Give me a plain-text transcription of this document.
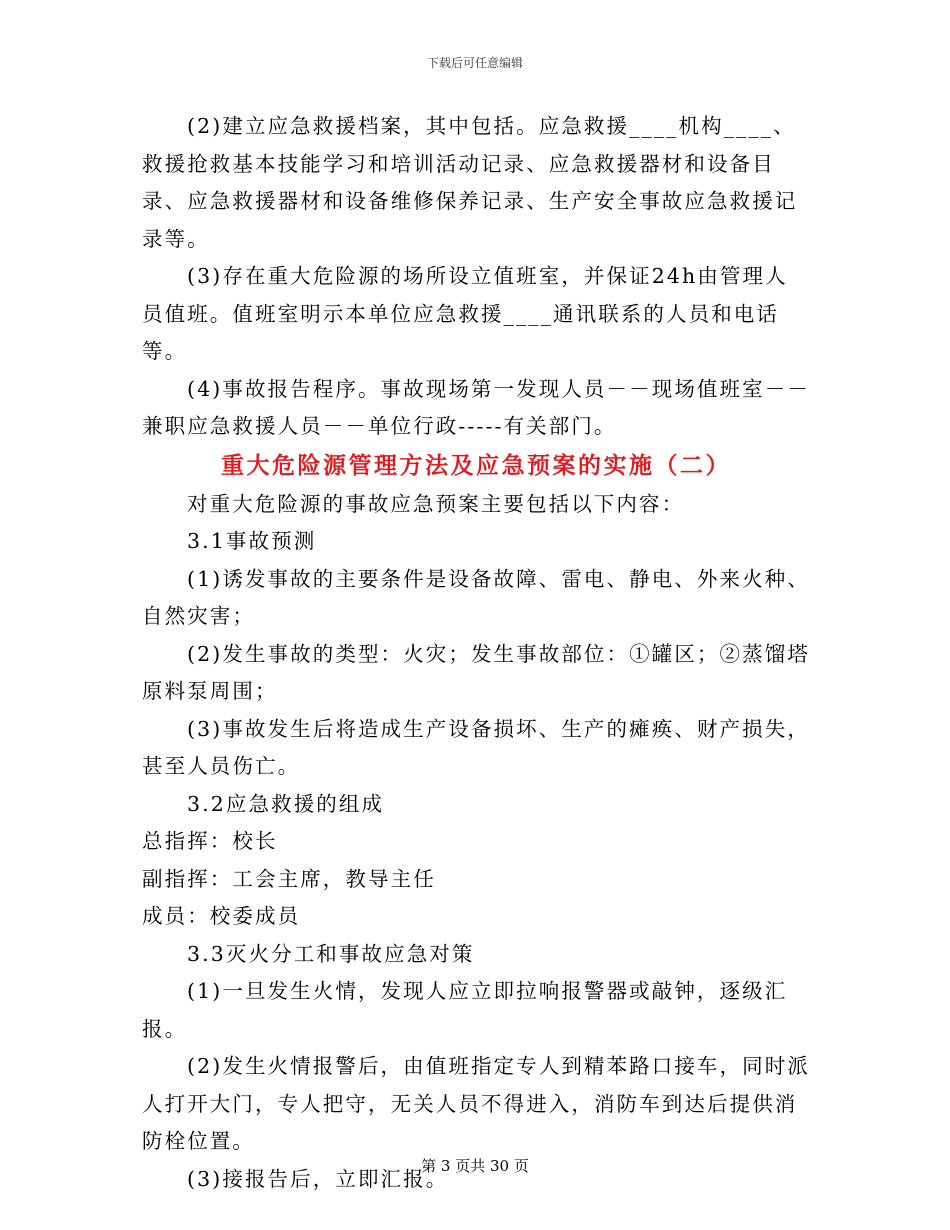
下载后可任意编辑

(2)建立应急救援档案，其中包括。应急救援____机构____、救援抢救基本技能学习和培训活动记录、应急救援器材和设备目录、应急救援器材和设备维修保养记录、生产安全事故应急救援记录等。

(3)存在重大危险源的场所设立值班室，并保证24h由管理人员值班。值班室明示本单位应急救援____通讯联系的人员和电话等。

(4)事故报告程序。事故现场第一发现人员－－现场值班室－－兼职应急救援人员－－单位行政-----有关部门。

重大危险源管理方法及应急预案的实施（二）

对重大危险源的事故应急预案主要包括以下内容：

3.1事故预测

(1)诱发事故的主要条件是设备故障、雷电、静电、外来火种、自然灾害；

(2)发生事故的类型：火灾；发生事故部位：①罐区；②蒸馏塔原料泵周围；

(3)事故发生后将造成生产设备损坏、生产的瘫痪、财产损失，甚至人员伤亡。

3.2应急救援的组成

总指挥：校长

副指挥：工会主席，教导主任

成员：校委成员

3.3灭火分工和事故应急对策

(1)一旦发生火情，发现人应立即拉响报警器或敲钟，逐级汇报。

(2)发生火情报警后，由值班指定专人到精苯路口接车，同时派人打开大门，专人把守，无关人员不得进入，消防车到达后提供消防栓位置。

(3)接报告后，立即汇报。

第 3 页共 30 页
